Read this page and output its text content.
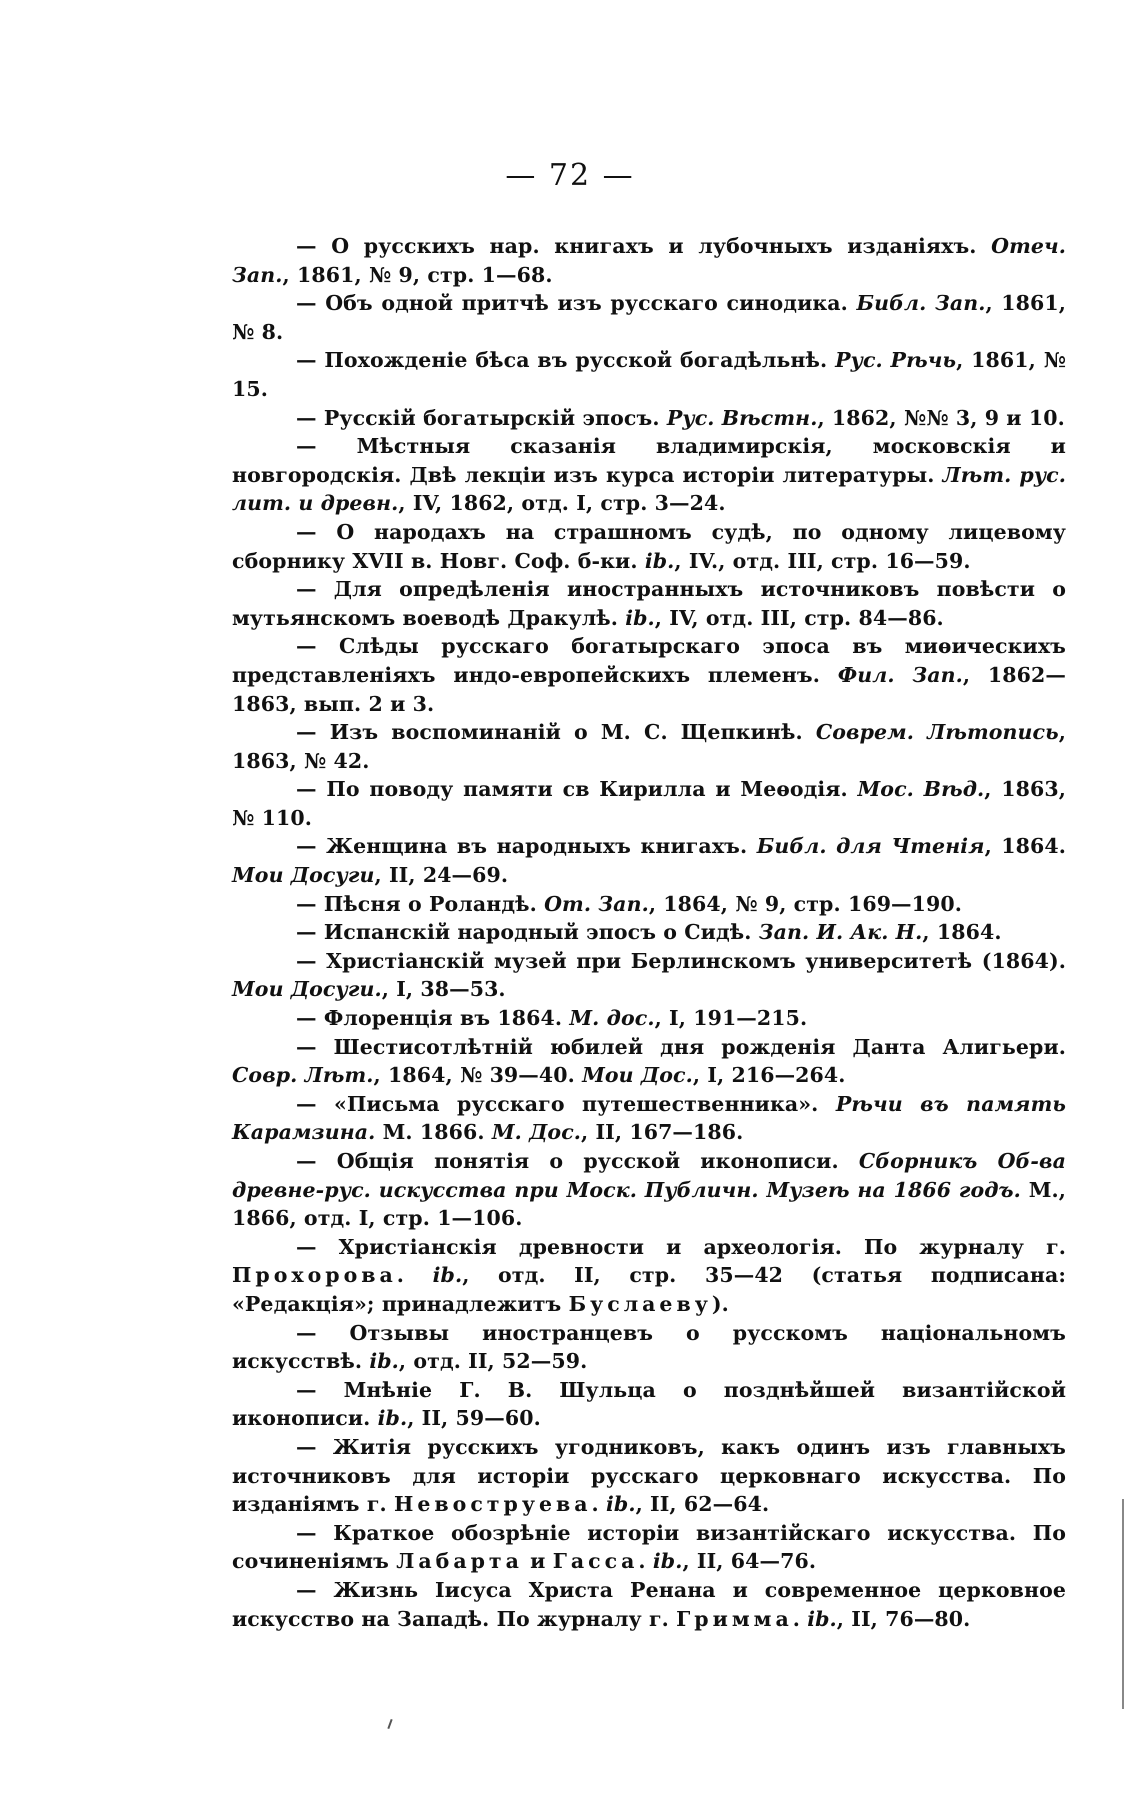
— 72 —

— О русскихъ нар. книгахъ и лубочныхъ изданіяхъ. Отеч. Зап., 1861, № 9, стр. 1—68.

— Объ одной притчѣ изъ русскаго синодика. Библ. Зап., 1861, № 8.

— Похожденіе бѣса въ русской богадѣльнѣ. Рус. Рѣчь, 1861, № 15.

— Русскій богатырскій эпосъ. Рус. Вѣстн., 1862, №№ 3, 9 и 10.

— Мѣстныя сказанія владимирскія, московскія и новгородскія. Двѣ лекціи изъ курса исторіи литературы. Лѣт. рус. лит. и древн., IV, 1862, отд. I, стр. 3—24.

— О народахъ на страшномъ судѣ, по одному лицевому сборнику XVII в. Новг. Соф. б-ки. ib., IV., отд. III, стр. 16—59.

— Для опредѣленія иностранныхъ источниковъ повѣсти о мутьянскомъ воеводѣ Дракулѣ. ib., IV, отд. III, стр. 84—86.

— Слѣды русскаго богатырскаго эпоса въ миѳическихъ представленіяхъ индо-европейскихъ племенъ. Фил. Зап., 1862—1863, вып. 2 и 3.

— Изъ воспоминаній о М. С. Щепкинѣ. Соврем. Лѣтопись, 1863, № 42.

— По поводу памяти св Кирилла и Меѳодія. Мос. Вѣд., 1863, № 110.

— Женщина въ народныхъ книгахъ. Библ. для Чтенія, 1864. Мои Досуги, II, 24—69.

— Пѣсня о Роландѣ. От. Зап., 1864, № 9, стр. 169—190.

— Испанскій народный эпосъ о Сидѣ. Зап. И. Ак. Н., 1864.

— Христіанскій музей при Берлинскомъ университетѣ (1864). Мои Досуги., I, 38—53.

— Флоренція въ 1864. М. дос., I, 191—215.

— Шестисотлѣтній юбилей дня рожденія Данта Алигьери. Совр. Лѣт., 1864, № 39—40. Мои Дос., I, 216—264.

— «Письма русскаго путешественника». Рѣчи въ память Карамзина. М. 1866. М. Дос., II, 167—186.

— Общія понятія о русской иконописи. Сборникъ Об-ва древне-рус. искусства при Моск. Публичн. Музеѣ на 1866 годъ. М., 1866, отд. I, стр. 1—106.

— Христіанскія древности и археологія. По журналу г. Прохорова. ib., отд. II, стр. 35—42 (статья подписана: «Редакція»; принадлежитъ Буслаеву).

— Отзывы иностранцевъ о русскомъ національномъ искусствѣ. ib., отд. II, 52—59.

— Мнѣніе Г. В. Шульца о позднѣйшей византійской иконописи. ib., II, 59—60.

— Житія русскихъ угодниковъ, какъ одинъ изъ главныхъ источниковъ для исторіи русскаго церковнаго искусства. По изданіямъ г. Невоструева. ib., II, 62—64.

— Краткое обозрѣніе исторіи византійскаго искусства. По сочиненіямъ Лабарта и Гасса. ib., II, 64—76.

— Жизнь Іисуса Христа Ренана и современное церковное искусство на Западѣ. По журналу г. Гримма. ib., II, 76—80.
